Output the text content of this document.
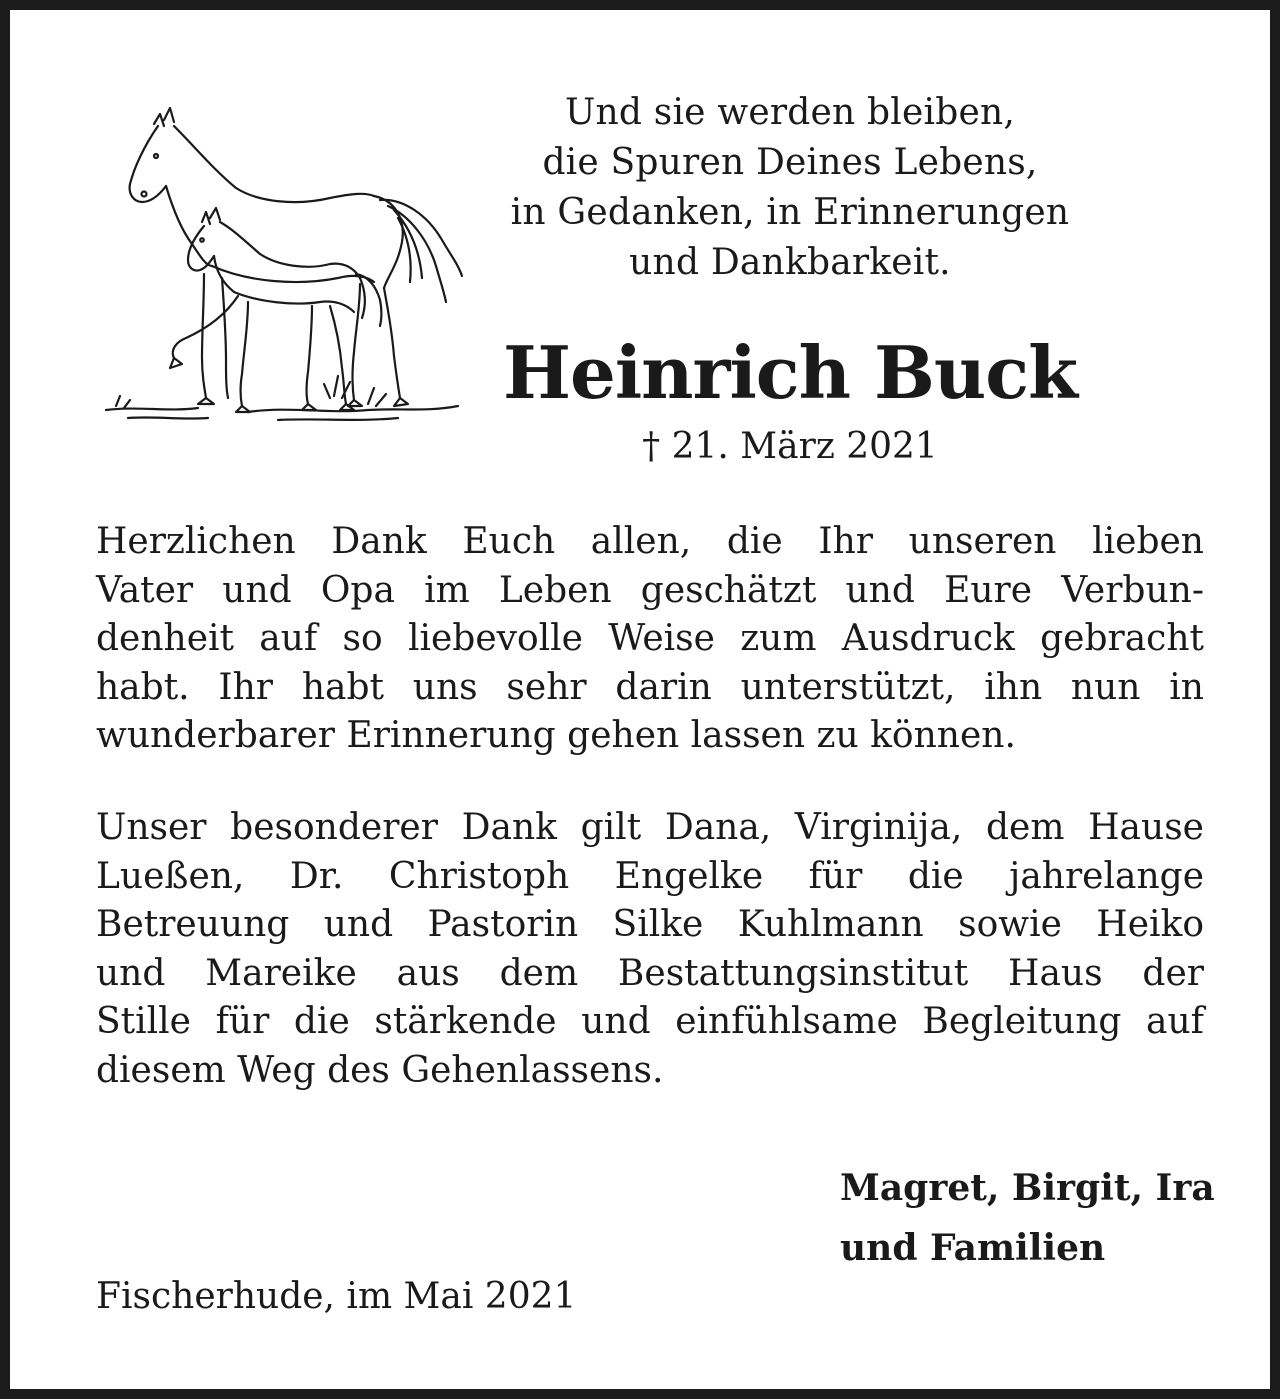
Und sie werden bleiben,
die Spuren Deines Lebens,
in Gedanken, in Erinnerungen
und Dankbarkeit.
Heinrich Buck
† 21. März 2021
Herzlichen Dank Euch allen, die Ihr unseren lieben
Vater und Opa im Leben geschätzt und Eure Verbun-
denheit auf so liebevolle Weise zum Ausdruck gebracht
habt. Ihr habt uns sehr darin unterstützt, ihn nun in
wunderbarer Erinnerung gehen lassen zu können.
Unser besonderer Dank gilt Dana, Virginija, dem Hause
Lueßen, Dr. Christoph Engelke für die jahrelange
Betreuung und Pastorin Silke Kuhlmann sowie Heiko
und Mareike aus dem Bestattungsinstitut Haus der
Stille für die stärkende und einfühlsame Begleitung auf
diesem Weg des Gehenlassens.
Magret, Birgit, Ira
und Familien
Fischerhude, im Mai 2021
